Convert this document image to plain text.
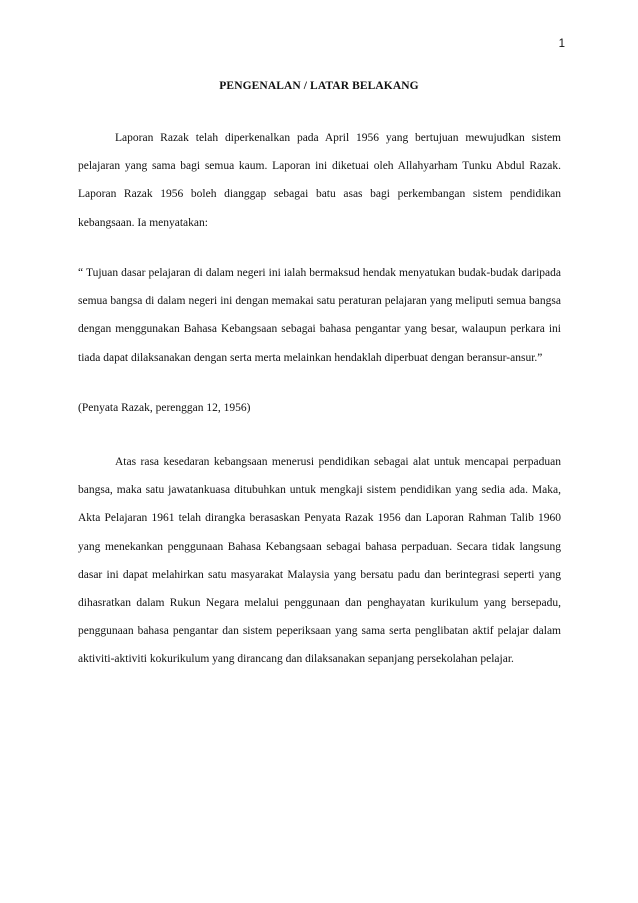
1
PENGENALAN / LATAR BELAKANG

Laporan Razak telah diperkenalkan pada April 1956 yang bertujuan mewujudkan sistem pelajaran yang sama bagi semua kaum. Laporan ini diketuai oleh Allahyarham Tunku Abdul Razak. Laporan Razak 1956 boleh dianggap sebagai batu asas bagi perkembangan sistem pendidikan kebangsaan. Ia menyatakan:

“ Tujuan dasar pelajaran di dalam negeri ini ialah bermaksud hendak menyatukan budak-budak daripada semua bangsa di dalam negeri ini dengan memakai satu peraturan pelajaran yang meliputi semua bangsa dengan menggunakan Bahasa Kebangsaan sebagai bahasa pengantar yang besar, walaupun perkara ini tiada dapat dilaksanakan dengan serta merta melainkan hendaklah diperbuat dengan beransur-ansur.”

(Penyata Razak, perenggan 12, 1956)

Atas rasa kesedaran kebangsaan menerusi pendidikan sebagai alat untuk mencapai perpaduan bangsa, maka satu jawatankuasa ditubuhkan untuk mengkaji sistem pendidikan yang sedia ada. Maka, Akta Pelajaran 1961 telah dirangka berasaskan Penyata Razak 1956 dan Laporan Rahman Talib 1960 yang menekankan penggunaan Bahasa Kebangsaan sebagai bahasa perpaduan. Secara tidak langsung dasar ini dapat melahirkan satu masyarakat Malaysia yang bersatu padu dan berintegrasi seperti yang dihasratkan dalam Rukun Negara melalui penggunaan dan penghayatan kurikulum yang bersepadu, penggunaan bahasa pengantar dan sistem peperiksaan yang sama serta penglibatan aktif pelajar dalam aktiviti-aktiviti kokurikulum yang dirancang dan dilaksanakan sepanjang persekolahan pelajar.
